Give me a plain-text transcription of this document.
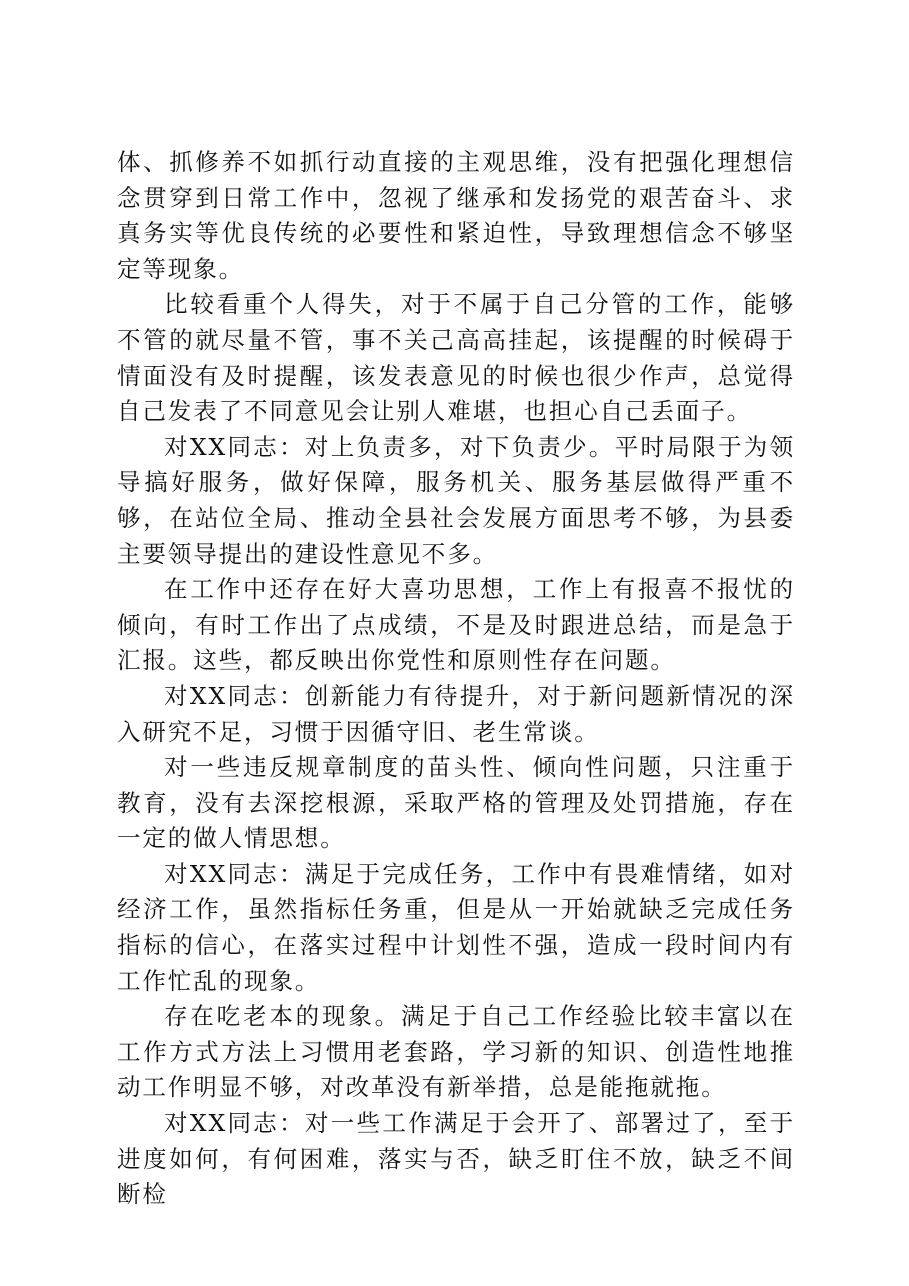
体、抓修养不如抓行动直接的主观思维，没有把强化理想信念贯穿到日常工作中，忽视了继承和发扬党的艰苦奋斗、求真务实等优良传统的必要性和紧迫性，导致理想信念不够坚定等现象。

比较看重个人得失，对于不属于自己分管的工作，能够不管的就尽量不管，事不关己高高挂起，该提醒的时候碍于情面没有及时提醒，该发表意见的时候也很少作声，总觉得自己发表了不同意见会让别人难堪，也担心自己丢面子。

对XX同志：对上负责多，对下负责少。平时局限于为领导搞好服务，做好保障，服务机关、服务基层做得严重不够，在站位全局、推动全县社会发展方面思考不够，为县委主要领导提出的建设性意见不多。

在工作中还存在好大喜功思想，工作上有报喜不报忧的倾向，有时工作出了点成绩，不是及时跟进总结，而是急于汇报。这些，都反映出你党性和原则性存在问题。

对XX同志：创新能力有待提升，对于新问题新情况的深入研究不足，习惯于因循守旧、老生常谈。

对一些违反规章制度的苗头性、倾向性问题，只注重于教育，没有去深挖根源，采取严格的管理及处罚措施，存在一定的做人情思想。

对XX同志：满足于完成任务，工作中有畏难情绪，如对经济工作，虽然指标任务重，但是从一开始就缺乏完成任务指标的信心，在落实过程中计划性不强，造成一段时间内有工作忙乱的现象。

存在吃老本的现象。满足于自己工作经验比较丰富以在工作方式方法上习惯用老套路，学习新的知识、创造性地推动工作明显不够，对改革没有新举措，总是能拖就拖。

对XX同志：对一些工作满足于会开了、部署过了，至于进度如何，有何困难，落实与否，缺乏盯住不放，缺乏不间断检
